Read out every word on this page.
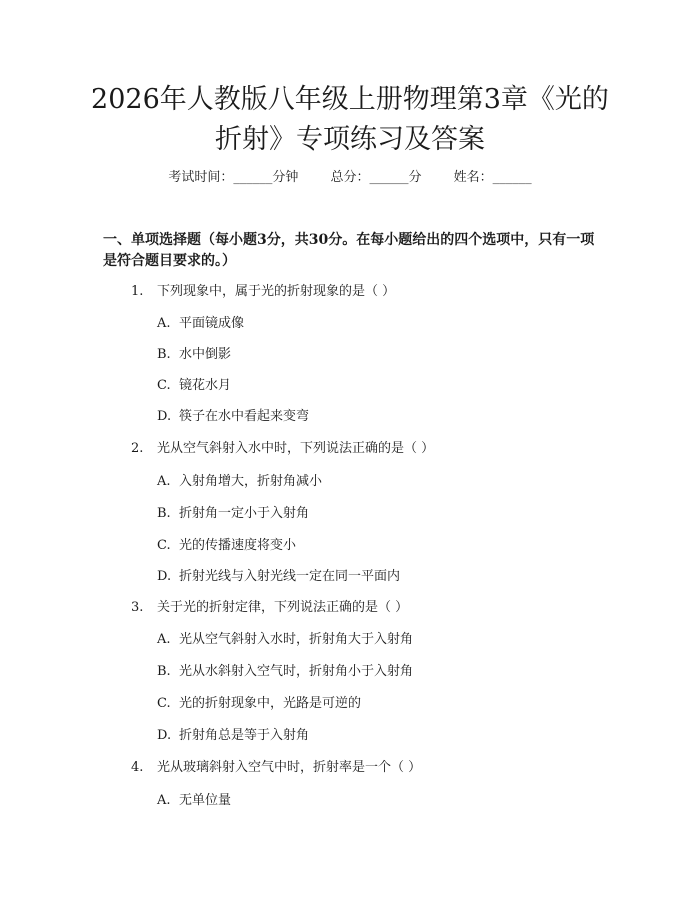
2026年人教版八年级上册物理第3章《光的
折射》专项练习及答案
考试时间：______分钟 总分：______分 姓名：______
一、单项选择题（每小题3分，共30分。在每小题给出的四个选项中，只有一项是符合题目要求的。）
1. 下列现象中，属于光的折射现象的是（ ）
A. 平面镜成像
B. 水中倒影
C. 镜花水月
D. 筷子在水中看起来变弯
2. 光从空气斜射入水中时，下列说法正确的是（ ）
A. 入射角增大，折射角减小
B. 折射角一定小于入射角
C. 光的传播速度将变小
D. 折射光线与入射光线一定在同一平面内
3. 关于光的折射定律，下列说法正确的是（ ）
A. 光从空气斜射入水时，折射角大于入射角
B. 光从水斜射入空气时，折射角小于入射角
C. 光的折射现象中，光路是可逆的
D. 折射角总是等于入射角
4. 光从玻璃斜射入空气中时，折射率是一个（ ）
A. 无单位量
